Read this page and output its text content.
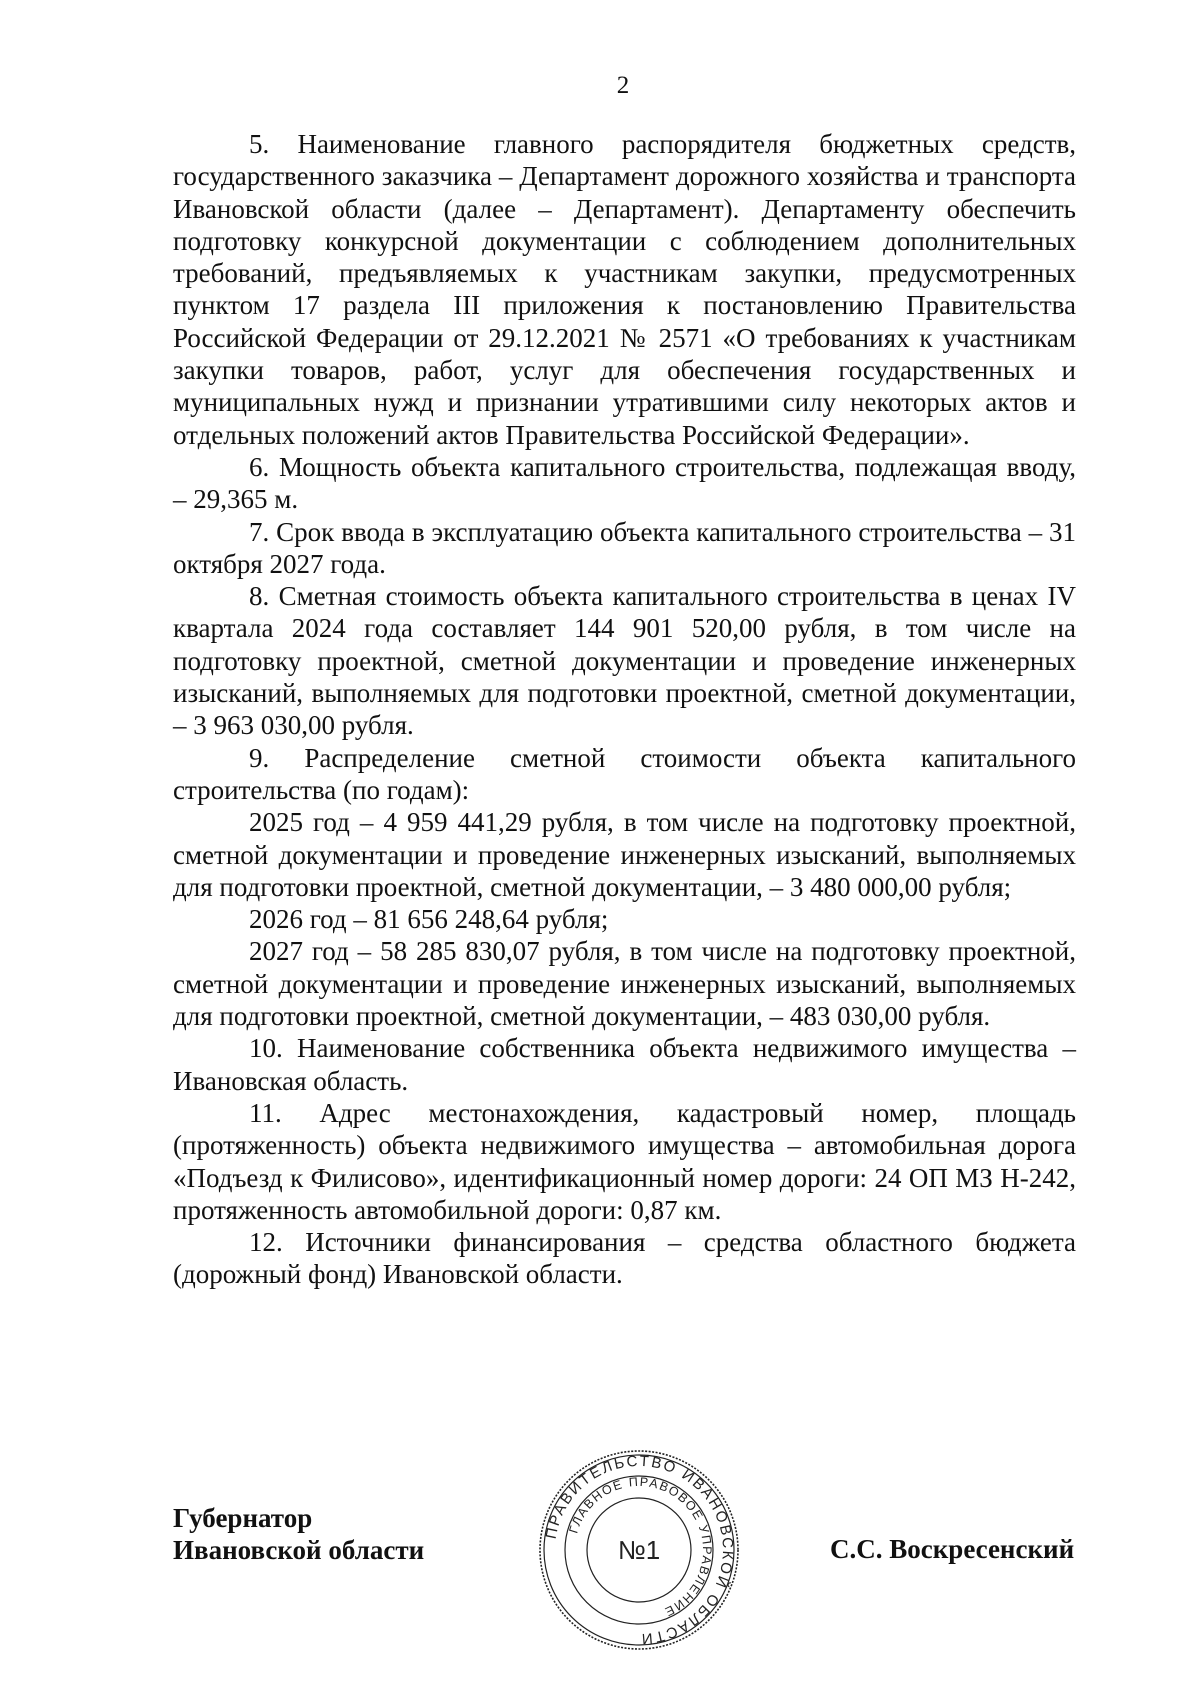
2

5. Наименование главного распорядителя бюджетных средств, государственного заказчика – Департамент дорожного хозяйства и транспорта Ивановской области (далее – Департамент). Департаменту обеспечить подготовку конкурсной документации с соблюдением дополнительных требований, предъявляемых к участникам закупки, предусмотренных пунктом 17 раздела III приложения к постановлению Правительства Российской Федерации от 29.12.2021 № 2571 «О требованиях к участникам закупки товаров, работ, услуг для обеспечения государственных и муниципальных нужд и признании утратившими силу некоторых актов и отдельных положений актов Правительства Российской Федерации».

6. Мощность объекта капитального строительства, подлежащая вводу, – 29,365 м.

7. Срок ввода в эксплуатацию объекта капитального строительства – 31 октября 2027 года.

8. Сметная стоимость объекта капитального строительства в ценах IV квартала 2024 года составляет 144 901 520,00 рубля, в том числе на подготовку проектной, сметной документации и проведение инженерных изысканий, выполняемых для подготовки проектной, сметной документации, – 3 963 030,00 рубля.

9. Распределение сметной стоимости объекта капитального строительства (по годам):

2025 год – 4 959 441,29 рубля, в том числе на подготовку проектной, сметной документации и проведение инженерных изысканий, выполняемых для подготовки проектной, сметной документации, – 3 480 000,00 рубля;

2026 год – 81 656 248,64 рубля;

2027 год – 58 285 830,07 рубля, в том числе на подготовку проектной, сметной документации и проведение инженерных изысканий, выполняемых для подготовки проектной, сметной документации, – 483 030,00 рубля.

10. Наименование собственника объекта недвижимого имущества – Ивановская область.

11. Адрес местонахождения, кадастровый номер, площадь (протяженность) объекта недвижимого имущества – автомобильная дорога «Подъезд к Филисово», идентификационный номер дороги: 24 ОП МЗ Н-242, протяженность автомобильной дороги: 0,87 км.

12. Источники финансирования – средства областного бюджета (дорожный фонд) Ивановской области.

Губернатор
Ивановской области	С.С. Воскресенский
ПРАВИТЕЛЬСТВО ИВАНОВСКОЙ ОБЛАСТИ
ГЛАВНОЕ ПРАВОВОЕ УПРАВЛЕНИЕ
№1
